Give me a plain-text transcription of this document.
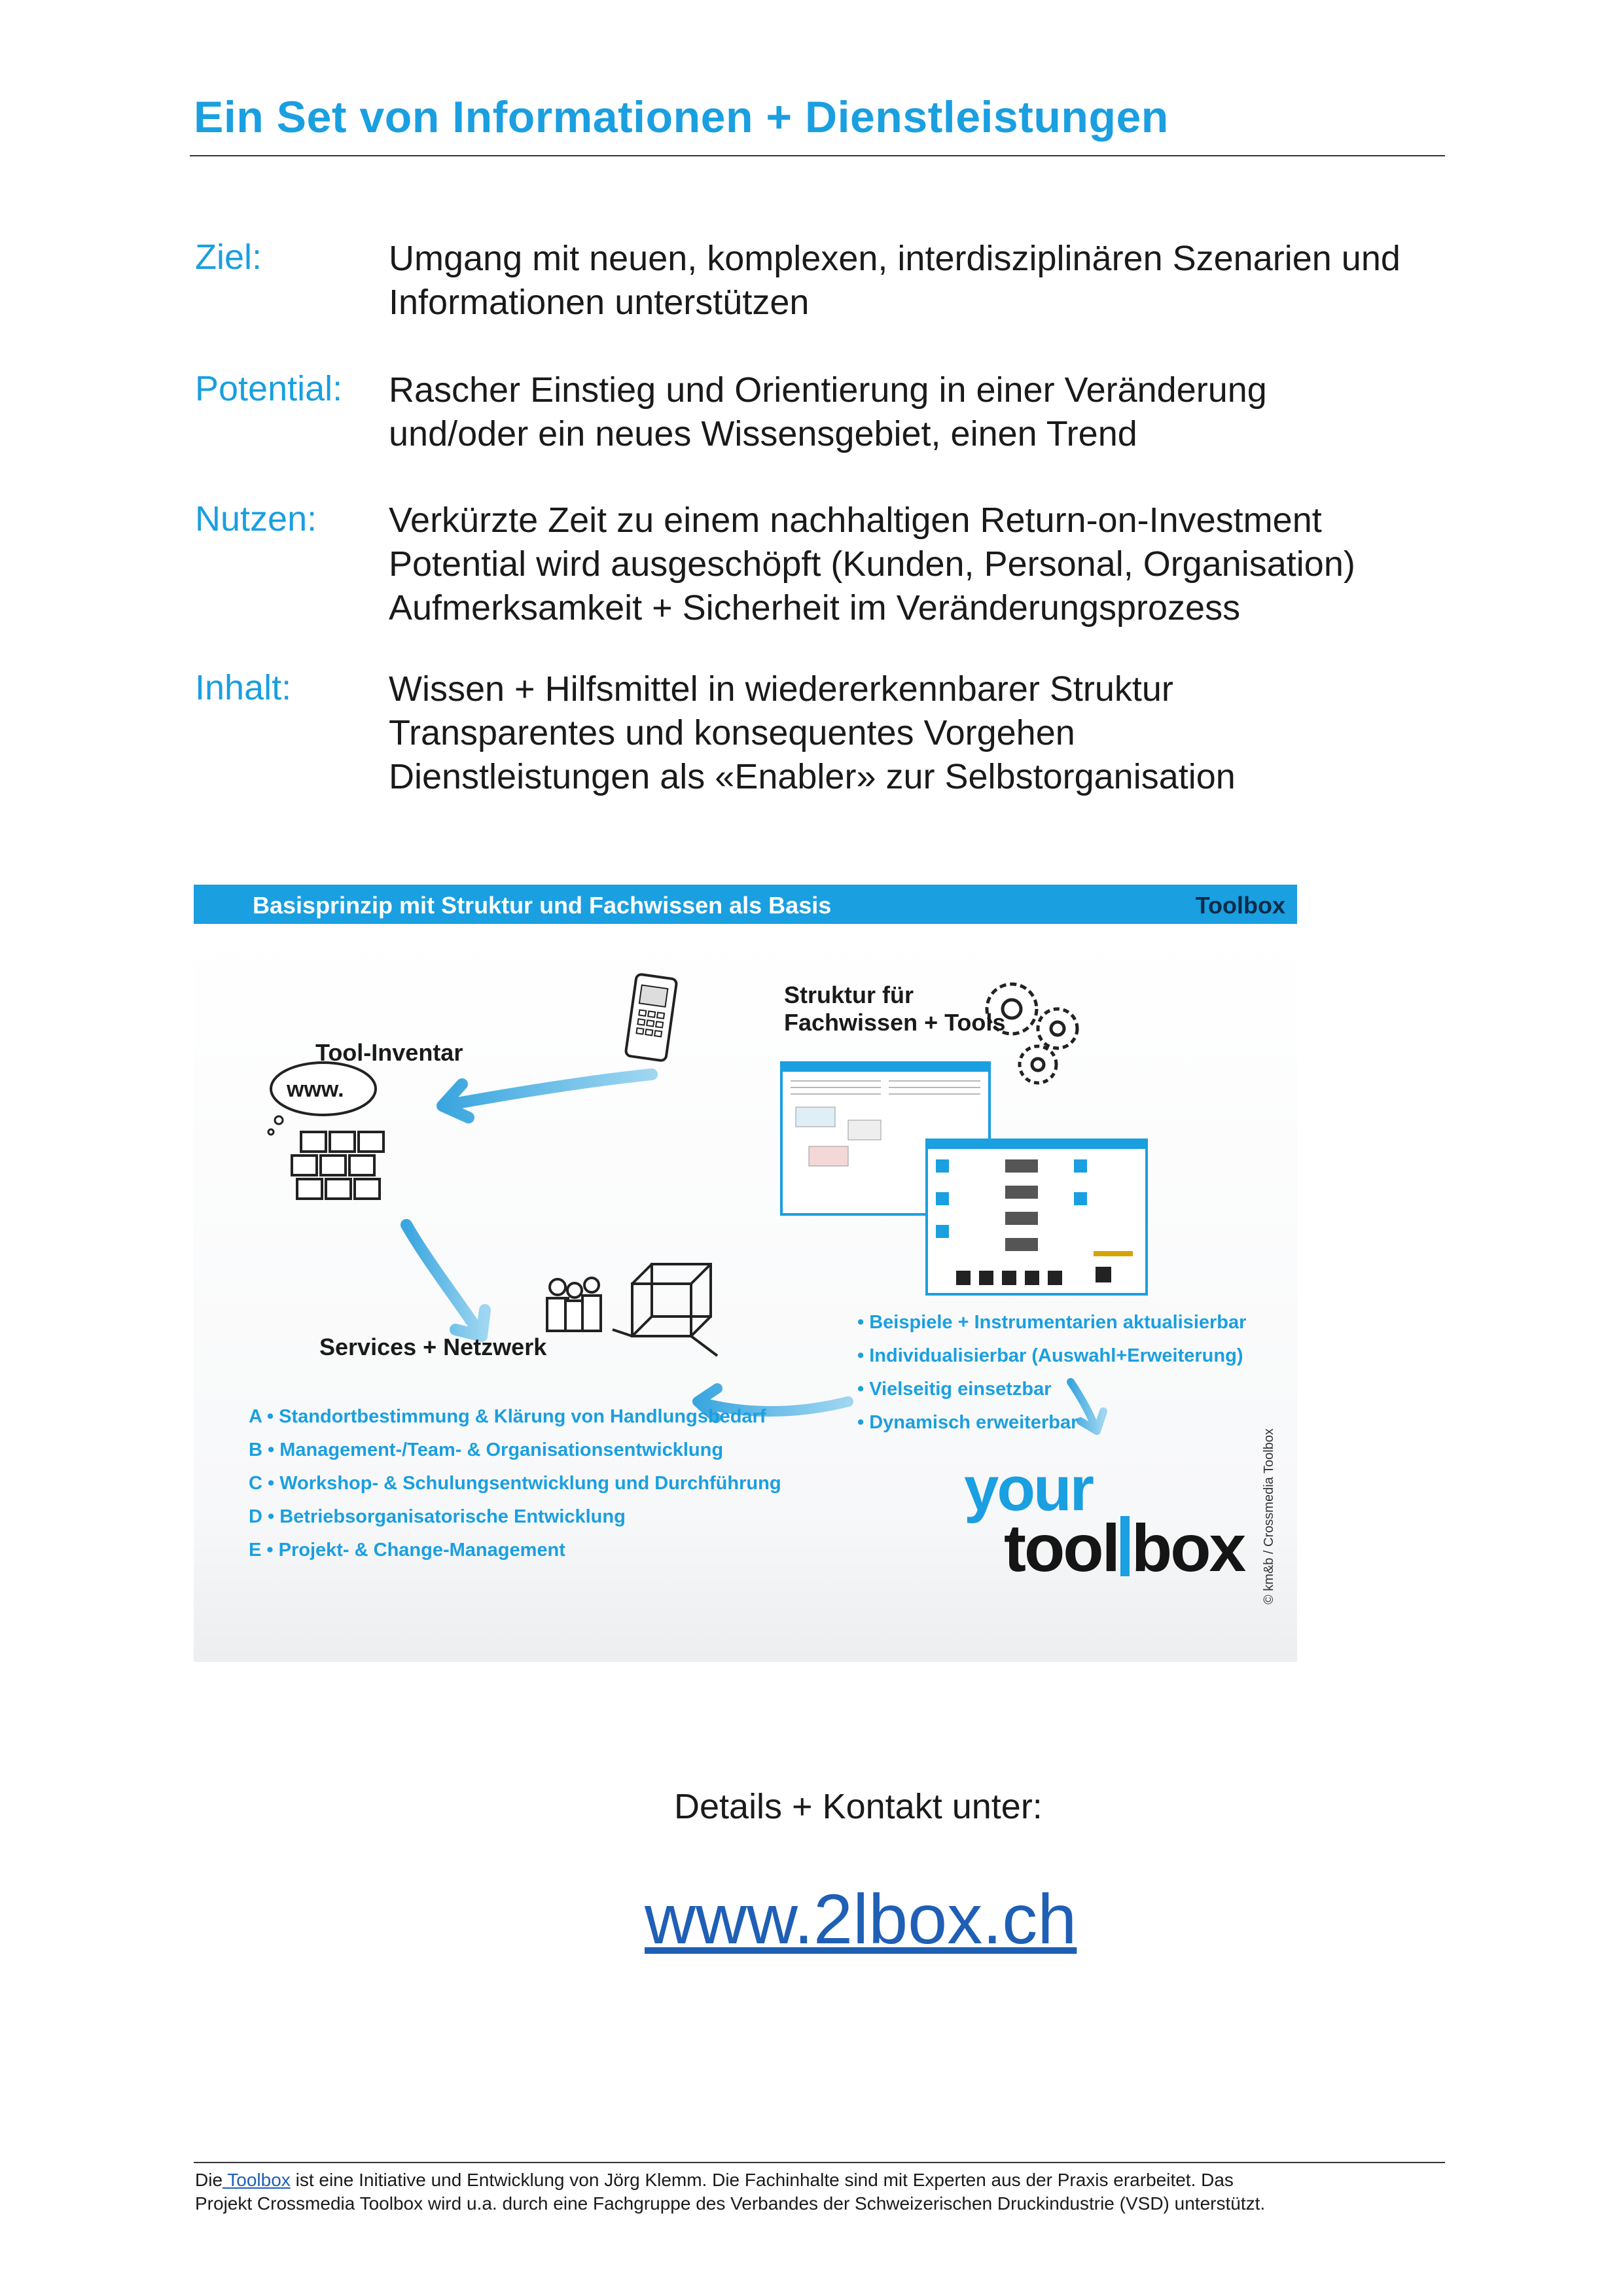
Ein Set von Informationen + Dienstleistungen
Ziel:	Umgang mit neuen, komplexen, interdisziplinären Szenarien und
Informationen unterstützen
Potential: Rascher Einstieg und Orientierung in einer Veränderung
und/oder ein neues Wissensgebiet, einen Trend
Nutzen: Verkürzte Zeit zu einem nachhaltigen Return-on-Investment
Potential wird ausgeschöpft (Kunden, Personal, Organisation)
Aufmerksamkeit + Sicherheit im Veränderungsprozess
Inhalt:	Wissen + Hilfsmittel in wiedererkennbarer Struktur
Transparentes und konsequentes Vorgehen
Dienstleistungen als «Enabler» zur Selbstorganisation
Basisprinzip mit Struktur und Fachwissen als Basis	Toolbox
Tool-Inventar
www.
Struktur für
Fachwissen + Tools
Services + Netzwerk
• Beispiele + Instrumentarien aktualisierbar
• Individualisierbar (Auswahl+Erweiterung)
• Vielseitig einsetzbar
• Dynamisch erweiterbar
A • Standortbestimmung & Klärung von Handlungsbedarf
B • Management-/Team- & Organisationsentwicklung
C • Workshop- & Schulungsentwicklung und Durchführung
D • Betriebsorganisatorische Entwicklung
E • Projekt- & Change-Management
your
tool box © km&b / Crossmedia Toolbox
Details + Kontakt unter:
www.2lbox.ch
Die Toolbox ist eine Initiative und Entwicklung von Jörg Klemm. Die Fachinhalte sind mit Experten aus der Praxis erarbeitet. Das
Projekt Crossmedia Toolbox wird u.a. durch eine Fachgruppe des Verbandes der Schweizerischen Druckindustrie (VSD) unterstützt.
